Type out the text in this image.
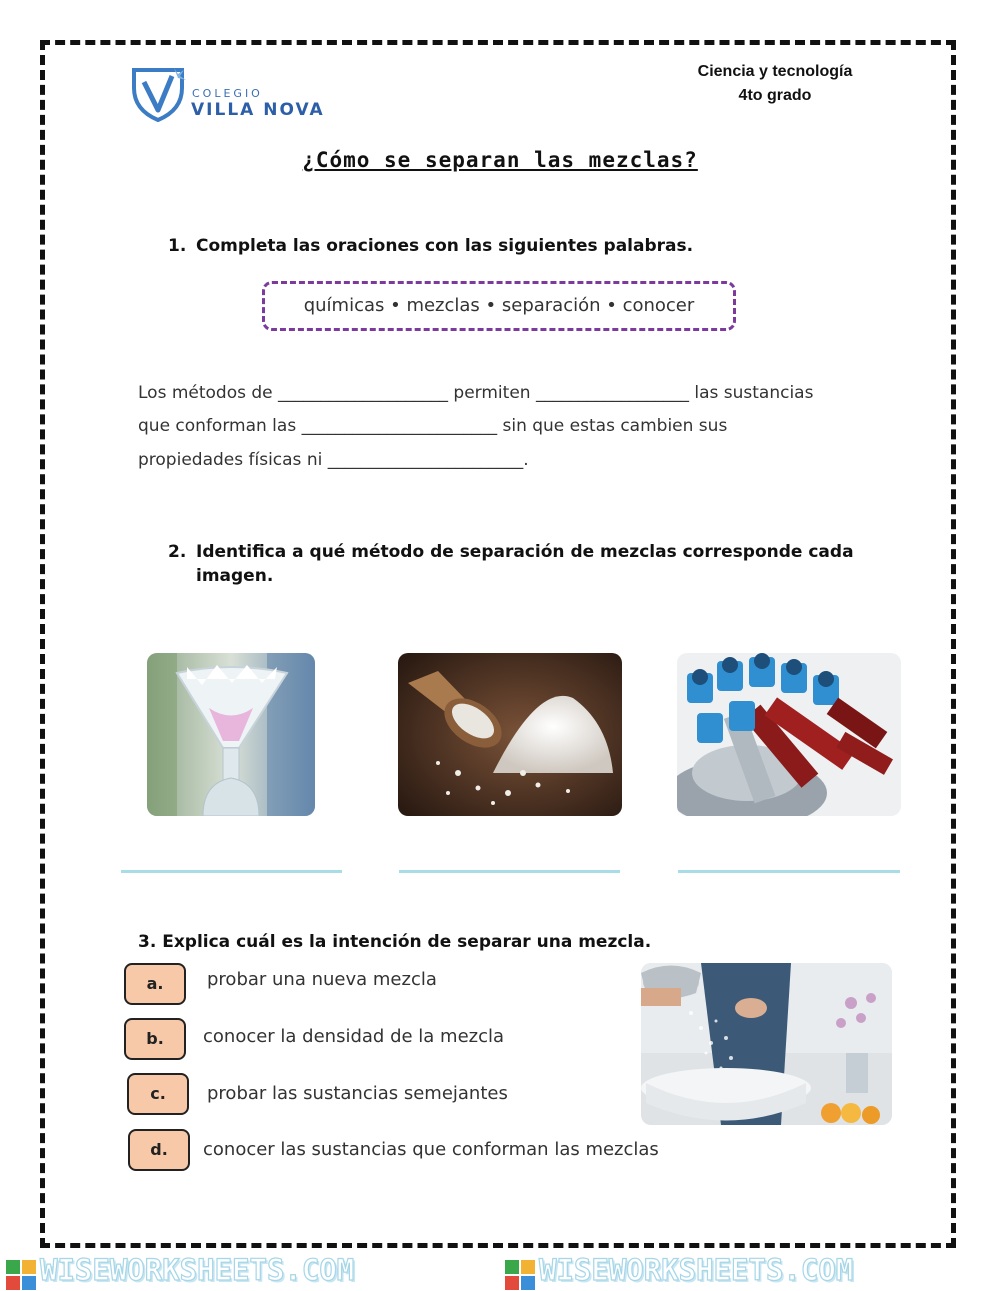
COLEGIO
VILLA NOVA
Ciencia y tecnología
4to grado
¿Cómo se separan las mezclas?
1. Completa las oraciones con las siguientes palabras.
químicas • mezclas • separación • conocer
Los métodos de ____________________ permiten __________________ las sustancias
que conforman las _______________________ sin que estas cambien sus
propiedades físicas ni _______________________.
2. Identifica a qué método de separación de mezclas corresponde cada
imagen.
3. Explica cuál es la intención de separar una mezcla.
a.	probar una nueva mezcla
b.	conocer la densidad de la mezcla
c.	probar las sustancias semejantes
d.	conocer las sustancias que conforman las mezclas
WISEWORKSHEETS.COM	WISEWORKSHEETS.COM
